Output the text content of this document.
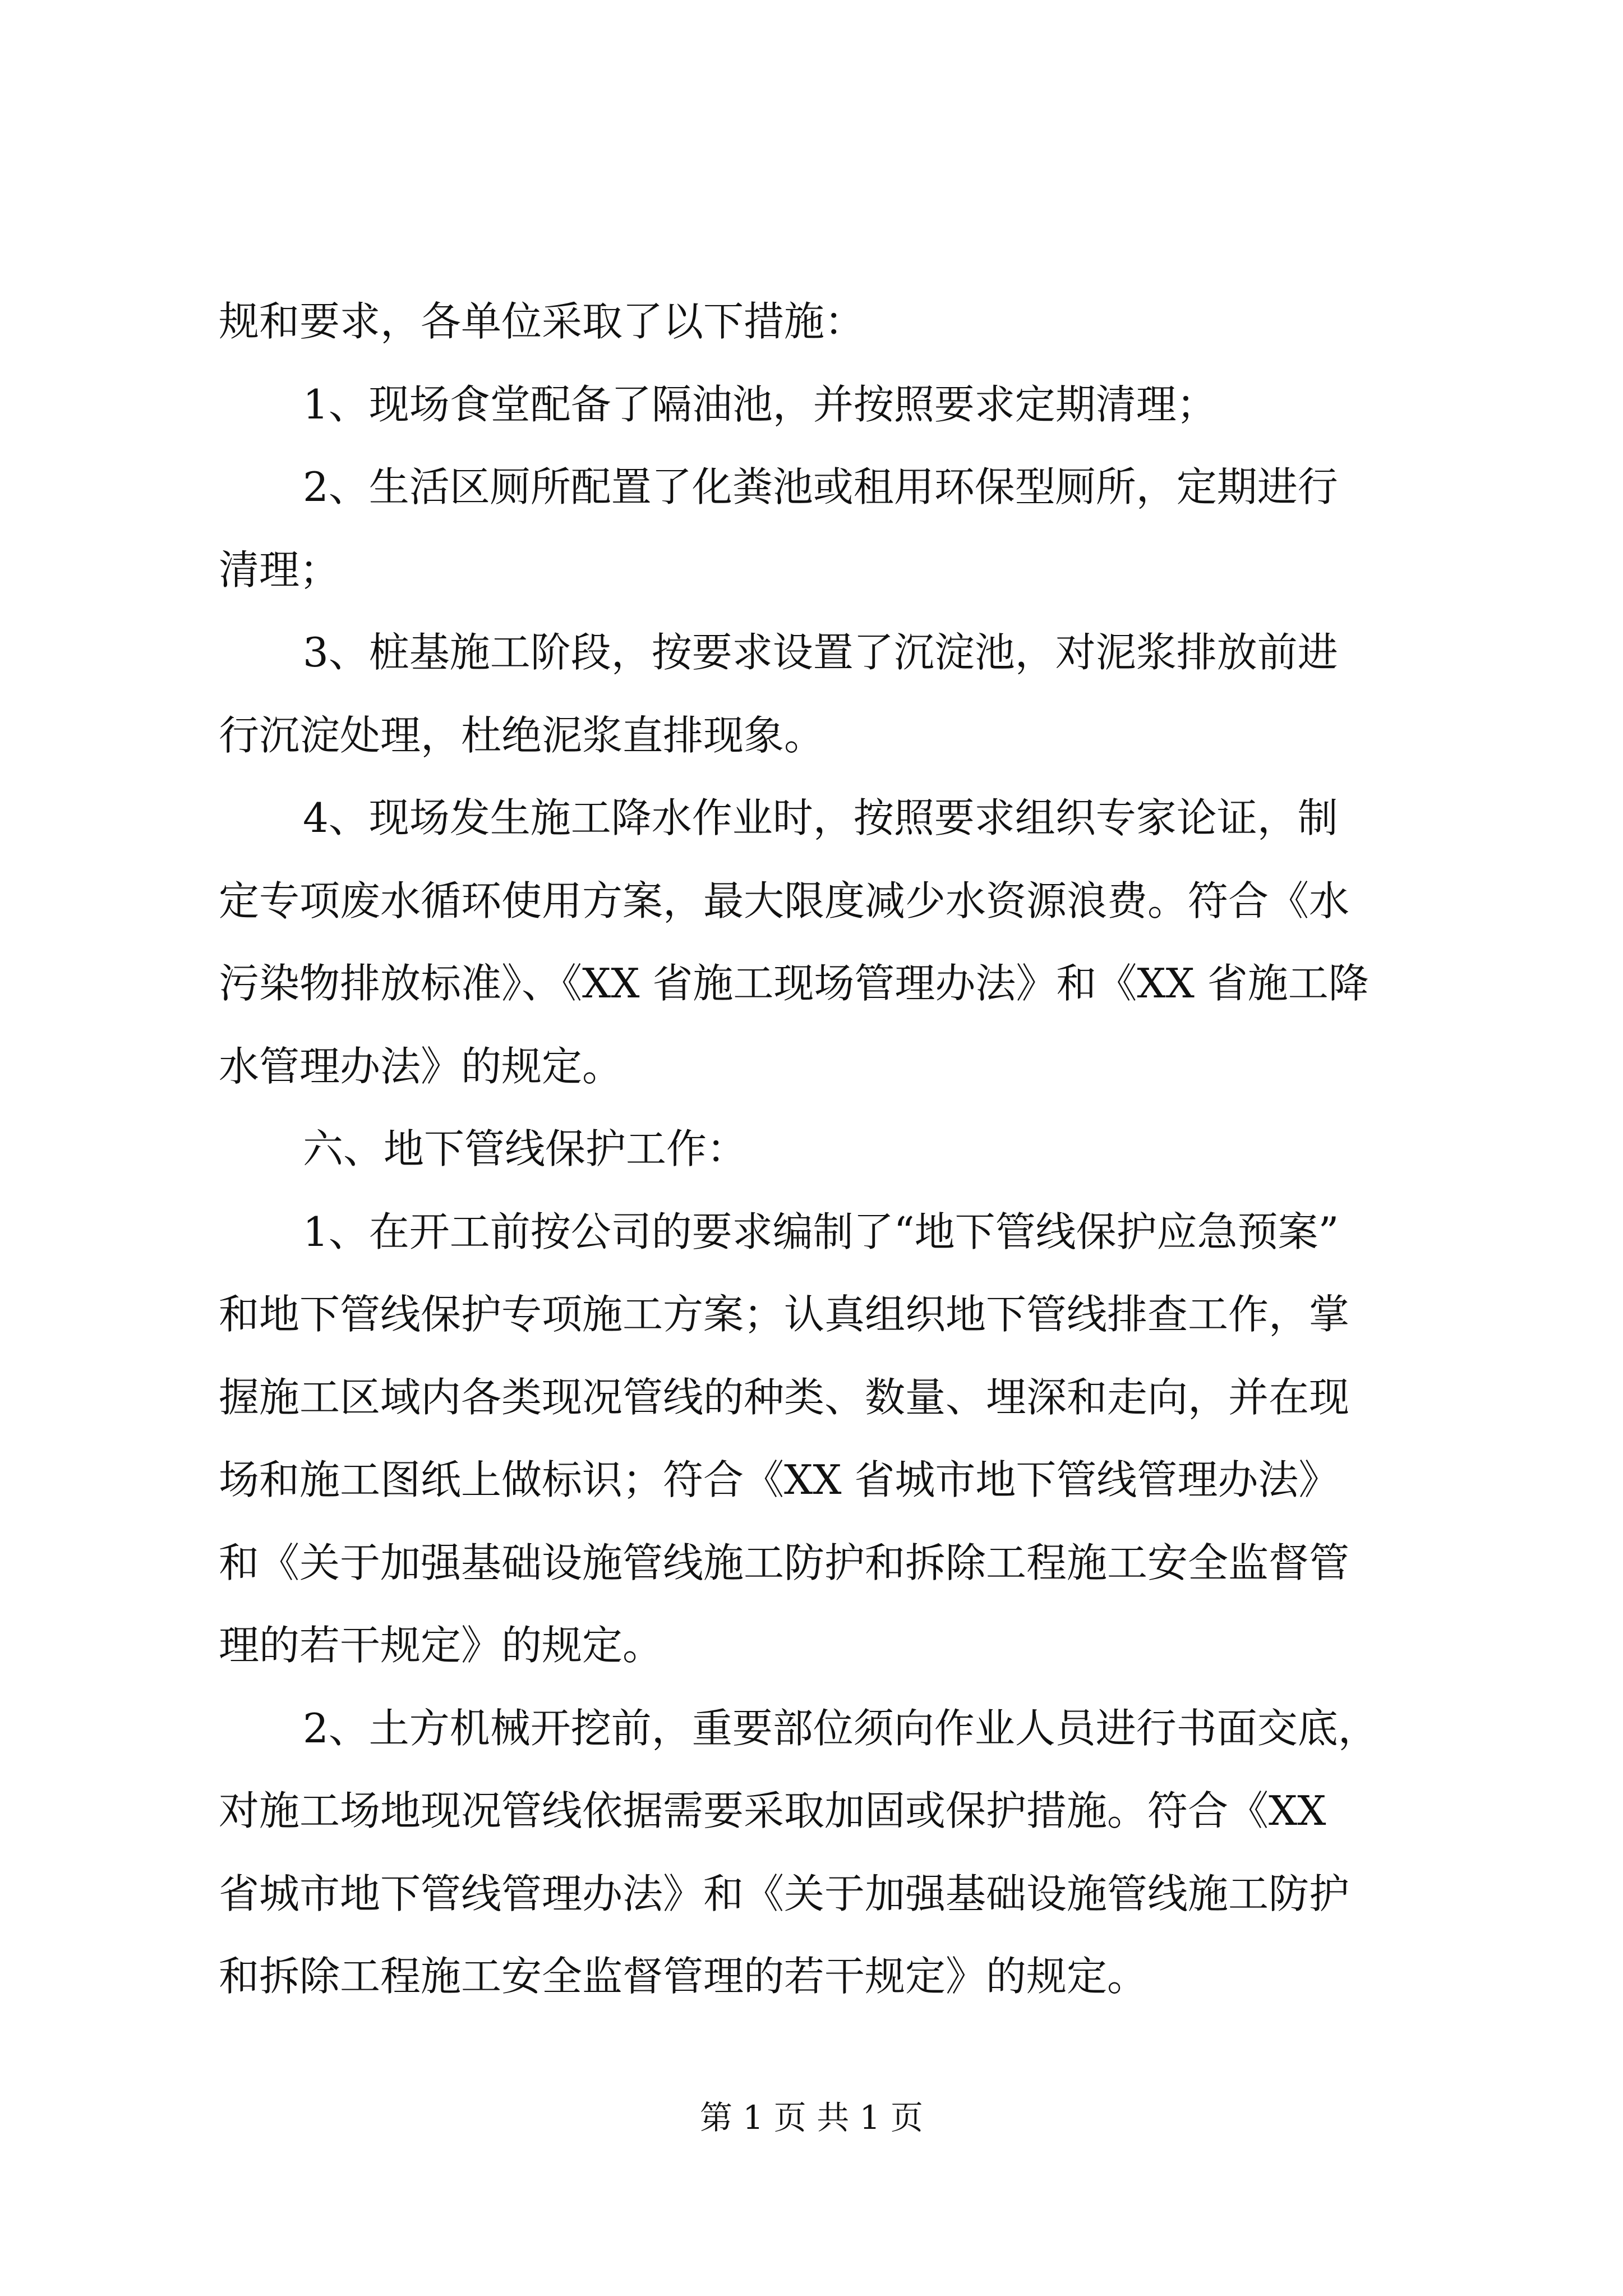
规和要求，各单位采取了以下措施：

1、现场食堂配备了隔油池，并按照要求定期清理；

2、生活区厕所配置了化粪池或租用环保型厕所，定期进行

清理；

3、桩基施工阶段，按要求设置了沉淀池，对泥浆排放前进

行沉淀处理，杜绝泥浆直排现象。

4、现场发生施工降水作业时，按照要求组织专家论证，制

定专项废水循环使用方案，最大限度减少水资源浪费。符合《水

污染物排放标准》、《XX 省施工现场管理办法》和《XX 省施工降

水管理办法》的规定。

六、地下管线保护工作：

1、在开工前按公司的要求编制了“地下管线保护应急预案”

和地下管线保护专项施工方案；认真组织地下管线排查工作，掌

握施工区域内各类现况管线的种类、数量、埋深和走向，并在现

场和施工图纸上做标识；符合《XX 省城市地下管线管理办法》

和《关于加强基础设施管线施工防护和拆除工程施工安全监督管

理的若干规定》的规定。

2、土方机械开挖前，重要部位须向作业人员进行书面交底，

对施工场地现况管线依据需要采取加固或保护措施。符合《XX

省城市地下管线管理办法》和《关于加强基础设施管线施工防护

和拆除工程施工安全监督管理的若干规定》的规定。

第 1 页 共 1 页
